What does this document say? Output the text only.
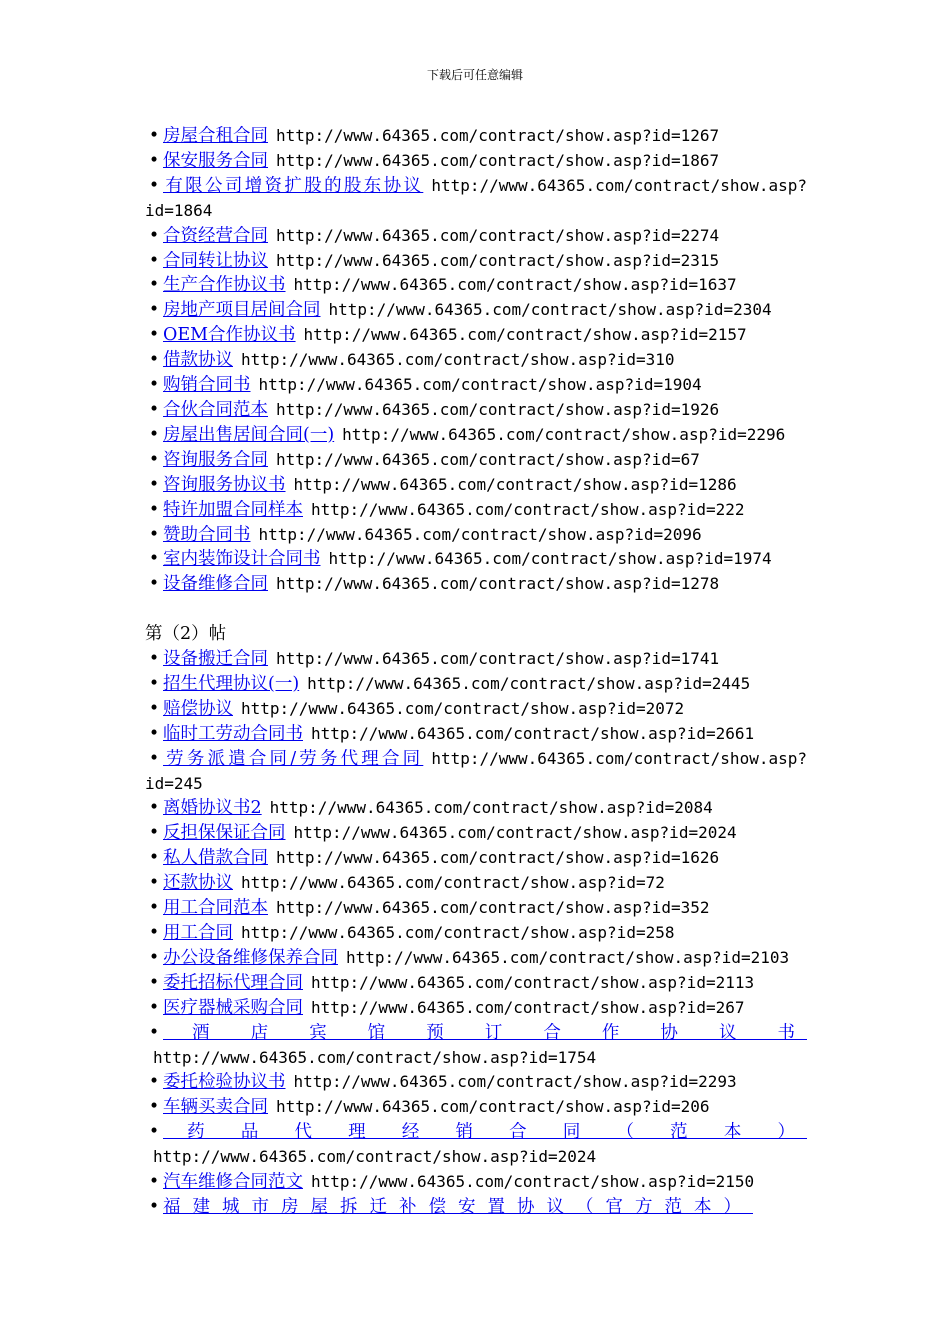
下载后可任意编辑
• 房屋合租合同 http://www.64365.com/contract/show.asp?id=1267
• 保安服务合同 http://www.64365.com/contract/show.asp?id=1867
• 有限公司增资扩股的股东协议 http://www.64365.com/contract/show.asp?id=1864
• 合资经营合同 http://www.64365.com/contract/show.asp?id=2274
• 合同转让协议 http://www.64365.com/contract/show.asp?id=2315
• 生产合作协议书 http://www.64365.com/contract/show.asp?id=1637
• 房地产项目居间合同 http://www.64365.com/contract/show.asp?id=2304
• OEM合作协议书 http://www.64365.com/contract/show.asp?id=2157
• 借款协议 http://www.64365.com/contract/show.asp?id=310
• 购销合同书 http://www.64365.com/contract/show.asp?id=1904
• 合伙合同范本 http://www.64365.com/contract/show.asp?id=1926
• 房屋出售居间合同(一) http://www.64365.com/contract/show.asp?id=2296
• 咨询服务合同 http://www.64365.com/contract/show.asp?id=67
• 咨询服务协议书 http://www.64365.com/contract/show.asp?id=1286
• 特许加盟合同样本 http://www.64365.com/contract/show.asp?id=222
• 赞助合同书 http://www.64365.com/contract/show.asp?id=2096
• 室内装饰设计合同书 http://www.64365.com/contract/show.asp?id=1974
• 设备维修合同 http://www.64365.com/contract/show.asp?id=1278
第（2）帖
• 设备搬迁合同 http://www.64365.com/contract/show.asp?id=1741
• 招生代理协议(一) http://www.64365.com/contract/show.asp?id=2445
• 赔偿协议 http://www.64365.com/contract/show.asp?id=2072
• 临时工劳动合同书 http://www.64365.com/contract/show.asp?id=2661
• 劳务派遣合同/劳务代理合同 http://www.64365.com/contract/show.asp?id=245
• 离婚协议书2 http://www.64365.com/contract/show.asp?id=2084
• 反担保保证合同 http://www.64365.com/contract/show.asp?id=2024
• 私人借款合同 http://www.64365.com/contract/show.asp?id=1626
• 还款协议 http://www.64365.com/contract/show.asp?id=72
• 用工合同范本 http://www.64365.com/contract/show.asp?id=352
• 用工合同 http://www.64365.com/contract/show.asp?id=258
• 办公设备维修保养合同 http://www.64365.com/contract/show.asp?id=2103
• 委托招标代理合同 http://www.64365.com/contract/show.asp?id=2113
• 医疗器械采购合同 http://www.64365.com/contract/show.asp?id=267
• 酒店宾馆预订合作协议书http://www.64365.com/contract/show.asp?id=1754
• 委托检验协议书 http://www.64365.com/contract/show.asp?id=2293
• 车辆买卖合同 http://www.64365.com/contract/show.asp?id=206
• 药品代理经销合同（范本）http://www.64365.com/contract/show.asp?id=2024
• 汽车维修合同范文 http://www.64365.com/contract/show.asp?id=2150
• 福建城市房屋拆迁补偿安置协议（官方范本）
